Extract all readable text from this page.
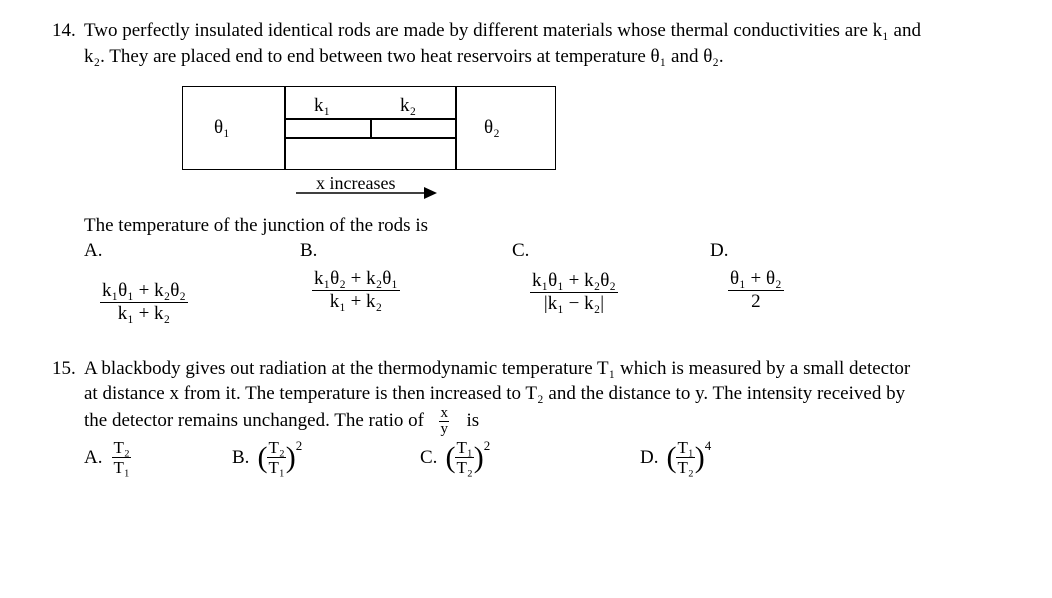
14. Two perfectly insulated identical rods are made by different materials whose thermal conductivities are k₁ and
k₂. They are placed end to end between two heat reservoirs at temperature θ₁ and θ₂.
θ₁	θ₂
k₁	k₂
x increases
The temperature of the junction of the rods is
A.	B.	C.	D.
$\frac{\text{k₁θ₁ + k₂θ₂}}{\text{k₁ + k₂}}$	$\frac{\text{k₁θ₂ + k₂θ₁}}{\text{k₁ + k₂}}$	$\frac{\text{k₁θ₁ + k₂θ₂}}{\text{|k₁ − k₂|}}$	$\frac{\text{θ₁ + θ₂}}{2}$
15. A blackbody gives out radiation at the thermodynamic temperature T₁ which is measured by a small detector
at distance x from it. The temperature is then increased to T₂ and the distance to y. The intensity received by
the detector remains unchanged. The ratio of $\frac{x}{y}$ is
A. $\frac{\text{T₂}}{\text{T₁}}$	B. ( $\frac{\text{T₂}}{\text{T₁}} )^2$
C. ( $\frac{\text{T₁}}{\text{T₂}} )^2$
D. ( $\frac{\text{T₁}}{\text{T₂}} )^4$
